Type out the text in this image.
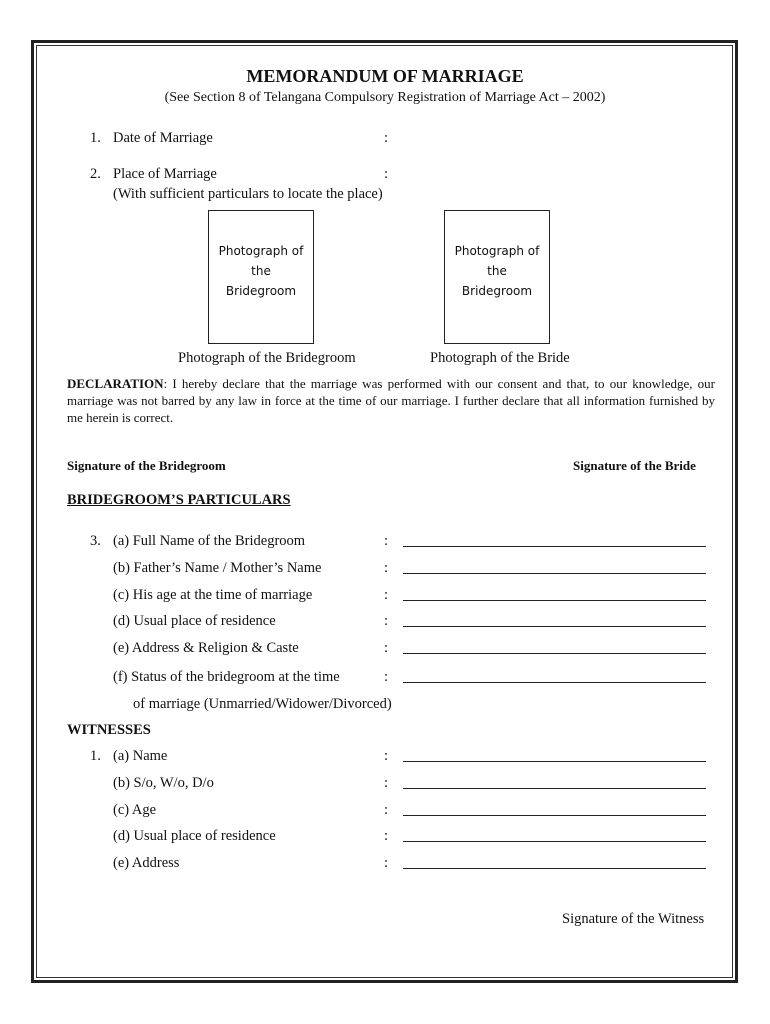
MEMORANDUM OF MARRIAGE
(See Section 8 of Telangana Compulsory Registration of Marriage Act – 2002)
1. Date of Marriage	:
2. Place of Marriage	:
(With sufficient particulars to locate the place)
Photograph of
the
Bridegroom
Photograph of
the
Bridegroom
Photograph of the Bridegroom	Photograph of the Bride
DECLARATION: I hereby declare that the marriage was performed with our consent and that, to our knowledge, our marriage was not barred by any law in force at the time of our marriage. I further declare that all information furnished by me herein is correct.
Signature of the Bridegroom	Signature of the Bride
BRIDEGROOM’S PARTICULARS
3. (a) Full Name of the Bridegroom	:
(b) Father’s Name / Mother’s Name	:
(c) His age at the time of marriage	:
(d) Usual place of residence	:
(e) Address & Religion & Caste	:
(f) Status of the bridegroom at the time	:
of marriage (Unmarried/Widower/Divorced)
WITNESSES
1. (a) Name	:
(b) S/o, W/o, D/o	:
(c) Age	:
(d) Usual place of residence	:
(e) Address	:
Signature of the Witness
